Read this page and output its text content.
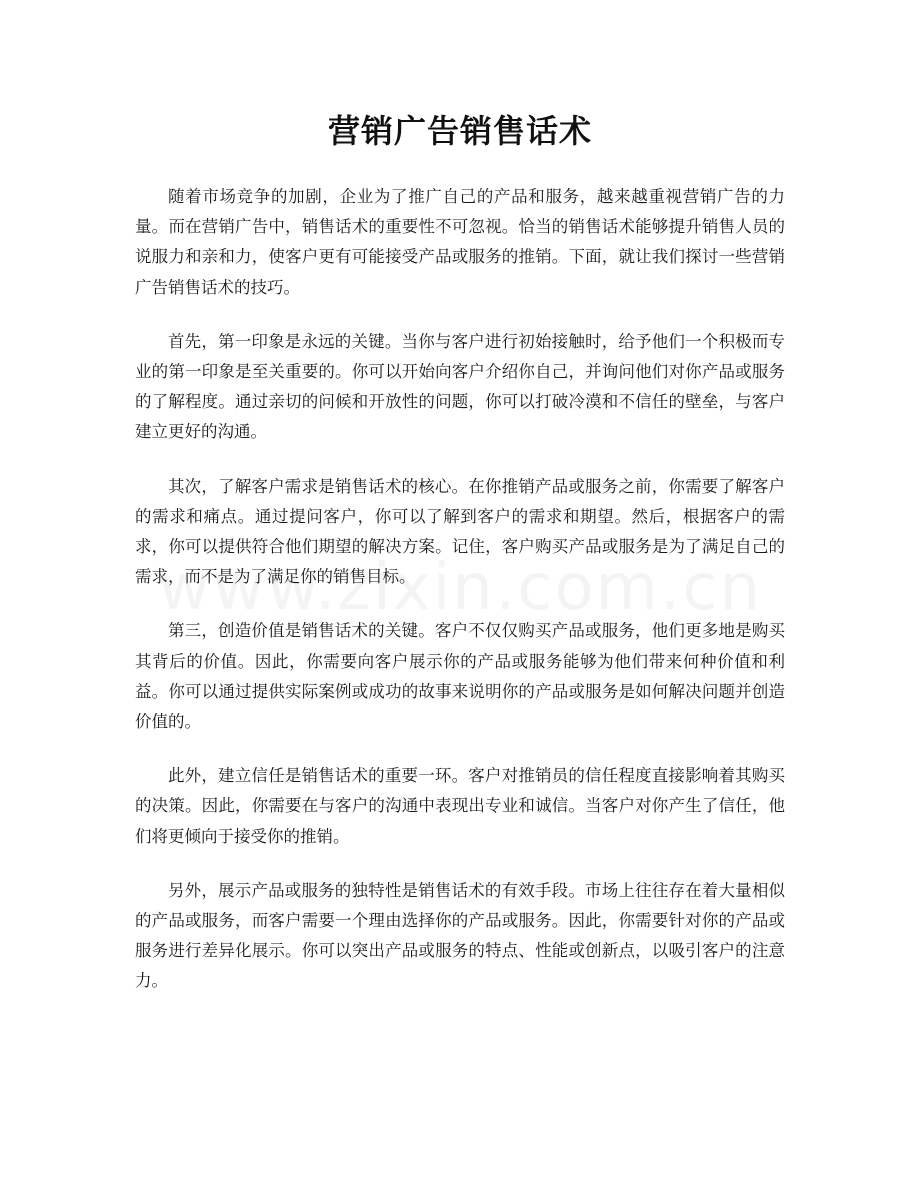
营销广告销售话术

随着市场竞争的加剧，企业为了推广自己的产品和服务，越来越重视营销广告的力量。而在营销广告中，销售话术的重要性不可忽视。恰当的销售话术能够提升销售人员的说服力和亲和力，使客户更有可能接受产品或服务的推销。下面，就让我们探讨一些营销广告销售话术的技巧。

首先，第一印象是永远的关键。当你与客户进行初始接触时，给予他们一个积极而专业的第一印象是至关重要的。你可以开始向客户介绍你自己，并询问他们对你产品或服务的了解程度。通过亲切的问候和开放性的问题，你可以打破冷漠和不信任的壁垒，与客户建立更好的沟通。

其次，了解客户需求是销售话术的核心。在你推销产品或服务之前，你需要了解客户的需求和痛点。通过提问客户，你可以了解到客户的需求和期望。然后，根据客户的需求，你可以提供符合他们期望的解决方案。记住，客户购买产品或服务是为了满足自己的需求，而不是为了满足你的销售目标。

第三，创造价值是销售话术的关键。客户不仅仅购买产品或服务，他们更多地是购买其背后的价值。因此，你需要向客户展示你的产品或服务能够为他们带来何种价值和利益。你可以通过提供实际案例或成功的故事来说明你的产品或服务是如何解决问题并创造价值的。

此外，建立信任是销售话术的重要一环。客户对推销员的信任程度直接影响着其购买的决策。因此，你需要在与客户的沟通中表现出专业和诚信。当客户对你产生了信任，他们将更倾向于接受你的推销。

另外，展示产品或服务的独特性是销售话术的有效手段。市场上往往存在着大量相似的产品或服务，而客户需要一个理由选择你的产品或服务。因此，你需要针对你的产品或服务进行差异化展示。你可以突出产品或服务的特点、性能或创新点，以吸引客户的注意力。
